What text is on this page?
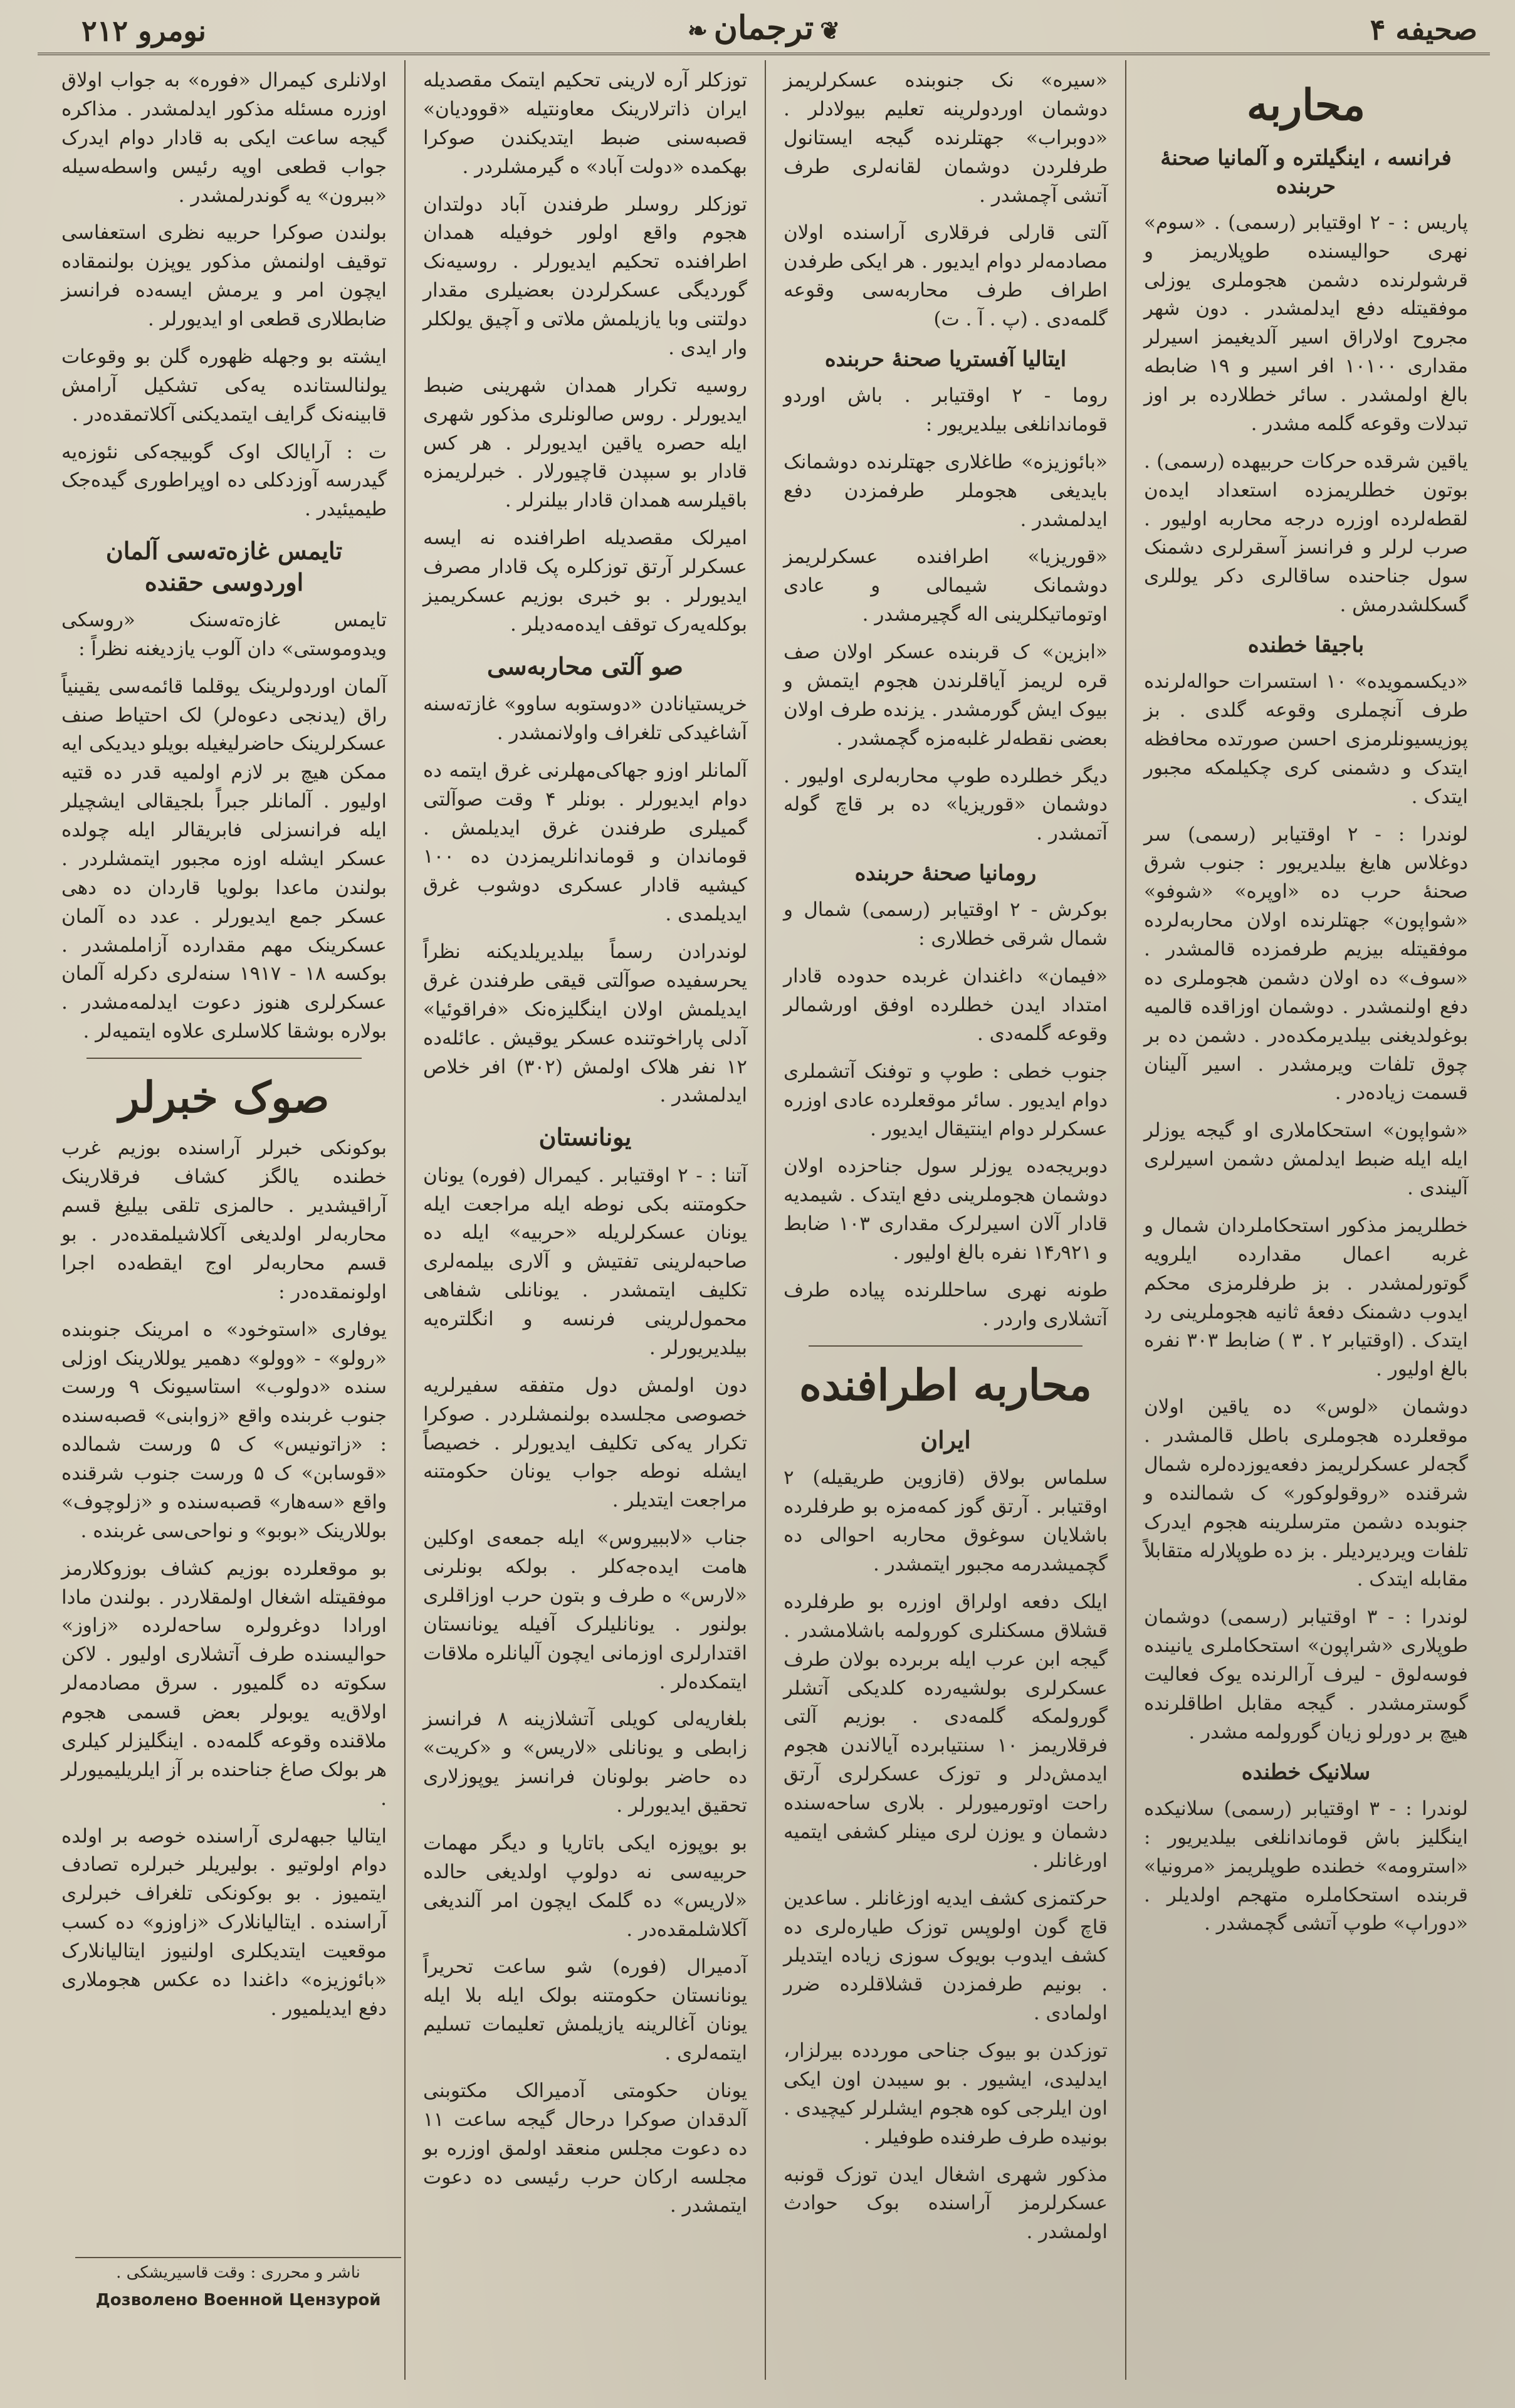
صحیفه ۴
❦ترجمان❧
نومرو ۲۱۲
محاربه
فرانسه ، اینگیلتره و آلمانیا صحنهٔ حربنده

پاریس : - ۲ اوقتیابر (رسمی) . «سوم» نهری حوالیسنده طوپلاریمز و قرشولرنده دشمن هجوملری یوزلی موفقیتله دفع ایدلمشدر . دون شهر مجروح اولاراق اسیر آلدیغیمز اسیرلر مقداری ۱۰۱۰۰ افر اسیر و ۱۹ ضابطه بالغ اولمشدر . سائر خطلارده بر اوز تبدلات وقوعه گلمه مشدر .

یاقین شرقده حرکات حربیهده (رسمی) . بوتون خطلریمزده استعداد ایده‌ن لقطه‌لرده اوزره درجه محاربه اولیور . صرب لرلر و فرانسز آسقرلری دشمنک سول جناحنده ساقالری دکر یوللری گسکلشدرمش .

باجیقا خطنده

«دیکسمویده» ۱۰ استسرات حواله‌لرنده طرف آنچملری وقوعه گلدی . بز پوزیسیونلرمزی احسن صورتده محافظه ایتدک و دشمنی کری چکیلمکه مجبور ایتدک .

لوندرا : - ۲ اوقتیابر (رسمی) سر دوغلاس هایغ بیلدیریور : جنوب شرق صحنهٔ حرب ده «اوپره» «شوفو» «شواپون» جهتلرنده اولان محاربه‌لرده موفقیتله بیزیم طرفمزده قالمشدر . «سوف» ده اولان دشمن هجوملری ده دفع اولنمشدر . دوشمان اوزاقده قالمیه بوغولدیغنی بیلدیرمکده‌در . دشمن ده بر چوق تلفات ویرمشدر . اسیر آلینان قسمت زیاده‌در .

«شواپون» استحکاملاری او گیجه یوزلر ایله ایله ضبط ایدلمش دشمن اسیرلری آلیندی .

خطلریمز مذکور استحکاملردان شمال و غربه اعمال مقدارده ایلرویه گوتورلمشدر . بز طرفلرمزی محکم ایدوب دشمنک دفعهٔ ثانیه هجوملرینی رد ایتدک . (اوقتیابر ۲ . ۳ ) ضابط ۳۰۳ نفره بالغ اولیور .

دوشمان «لوس» ده یاقین اولان موقعلرده هجوملری باطل قالمشدر . گجه‌لر عسکرلریمز دفعه‌یوزده‌لره شمال شرقنده «روقولوکور» ک شمالنده و جنوبده دشمن مترسلرینه هجوم ایدرک تلفات ویردیردیلر . بز ده طوپلارله متقابلاً مقابله ایتدک .

لوندرا : - ۳ اوقتیابر (رسمی) دوشمان طوپلاری «شراپون» استحکاملری یانینده فوسه‌لوق - لیرف آرالرنده یوک فعالیت گوسترمشدر . گیجه مقابل اطاقلرنده هیچ بر دورلو زیان گورولمه مشدر .

سلانیک خطنده

لوندرا : - ۳ اوقتیابر (رسمی) سلانیکده اینگلیز باش قوماندانلغی بیلدیریور : «استرومه» خطنده طوپلریمز «مرونیا» قربنده استحکاملره متهجم اولدیلر . «دوراپ» طوپ آتشی گچمشدر .

«سیره» نک جنوبنده عسکرلریمز دوشمان اوردولرینه تعلیم بیولادلر . «دوبراب» جهتلرنده گیجه ایستانول طرفلردن دوشمان لقانه‌لری طرف آتشی آچمشدر .

آلتی قارلی فرقلاری آراسنده اولان مصادمه‌لر دوام ایدیور . هر ایکی طرفدن اطراف طرف محاربه‌سی وقوعه گلمه‌دی . (پ . آ . ت)

ایتالیا آفستریا صحنهٔ حربنده

روما - ۲ اوقتیابر . باش اوردو قوماندانلغی بیلدیریور :

«بائوزیزه» طاغلاری جهتلرنده دوشمانک بایدیغی هجوملر طرفمزدن دفع ایدلمشدر .

«قوریزیا» اطرافنده عسکرلریمز دوشمانک شیمالی و عادی اوتوماتیکلرینی اله گچیرمشدر .

«ابزین» ک قربنده عسکر اولان صف قره لریمز آیاقلرندن هجوم ایتمش و بیوک ایش گورمشدر . یزنده طرف اولان بعضی نقطه‌لر غلبه‌مزه گچمشدر .

دیگر خطلرده طوپ محاربه‌لری اولیور . دوشمان «قوریزیا» ده بر قاچ گوله آتمشدر .

رومانیا صحنهٔ حربنده

بوکرش - ۲ اوقتیابر (رسمی) شمال و شمال شرقی خطلاری :

«فیمان» داغندان غربده حدوده قادار امتداد ایدن خطلرده اوفق اورشمالر وقوعه گلمه‌دی .

جنوب خطی : طوپ و توفنک آتشملری دوام ایدیور . سائر موقعلرده عادی اوزره عسکرلر دوام اینتیقال ایدیور .

دوبریجه‌ده یوزلر سول جناحزده اولان دوشمان هجوملرینی دفع ایتدک . شیمدیه قادار آلان اسیرلرک مقداری ۱۰۳ ضابط و ۱۴٫۹۲۱ نفره بالغ اولیور .

طونه نهری ساحللرنده پیاده طرف آتشلاری واردر .

محاربه اطرافنده
ایران

سلماس بولاق (قازوین طریقیله) ۲ اوقتیابر . آرتق گوز کمه‌مزه بو طرفلرده باشلایان سوغوق محاربه احوالی ده گچمیشدرمه مجبور ایتمشدر .

ایلک دفعه اولراق اوزره بو طرفلرده قشلاق مسکنلری کورولمه باشلامشدر . گیجه ابن عرب ایله بربرده بولان طرف عسکرلری بولشیه‌رده کلدیکی آتشلر گورولمکه گلمه‌دی . بوزیم آلتی فرقلاریمز ۱۰ سنتیابرده آیالاندن هجوم ایدمش‌دلر و توزک عسکرلری آرتق راحت اوتورمیورلر . بلاری ساحه‌سنده دشمان و یوزن لری مینلر کشفی ایتمیه اورغانلر .

حرکتمزی کشف ایدیه اوزغانلر . ساعدین قاچ گون اولوپس توزک طیاره‌لری ده کشف ایدوب بویوک سوزی زیاده ایتدیلر . بونیم طرفمزدن قشلاقلرده ضرر اولمادی .

توزکدن بو بیوک جناحی موردده بیرلزار، ایدلیدی، ایشیور . بو سیبدن اون ایکی اون ایلرجی کوه هجوم ایشلرلر کیچیدی . بونیده طرف طرفنده طوفیلر .

مذکور شهری اشغال ایدن توزک قونبه عسکرلرمز آراسنده بوک حوادث اولمشدر .

توزکلر آره لارینی تحکیم ایتمک مقصدیله ایران ذاترلارینک معاونتیله «قوودیان» قصبه‌سنی ضبط ایتدیکندن صوکرا بهکمده «دولت آباد» ه گیرمشلردر .

توزکلر روسلر طرفندن آباد دولتدان هجوم واقع اولور خوفیله همدان اطرافنده تحکیم ایدیورلر . روسیه‌نک گوردیگی عسکرلردن بعضیلری مقدار دولتنی وبا یازیلمش ملاتی و آچیق یولکلر وار ایدی .

روسیه تکرار همدان شهرینی ضبط ایدیورلر . روس صالونلری مذکور شهری ایله حصره یاقین ایدیورلر . هر کس قادار بو سبپدن قاچیورلار . خبرلریمزه باقیلرسه همدان قادار بیلنرلر .

امیرلک مقصدیله اطرافنده نه ایسه عسکرلر آرتق توزکلره پک قادار مصرف ایدیورلر . بو خبری بوزیم عسکریمیز بوکله‌یه‌رک توقف ایده‌مه‌دیلر .

صو آلتی محاربه‌سی

خریستیانادن «دوستوبه ساوو» غازته‌سنه آشاغیدکی تلغراف واولانمشدر .

آلمانلر اوزو جهاکی‌مهلرنی غرق ایتمه ده دوام ایدیورلر . بونلر ۴ وقت صوآلتی گمیلری طرفندن غرق ایدیلمش . قوماندان و قوماندانلریمزدن ده ۱۰۰ کیشیه قادار عسکری دوشوب غرق ایدیلمدی .

لوندرادن رسماً بیلدیریلدیکنه نظراً یحرسفیده صوآلتی قیقی طرفندن غرق ایدیلمش اولان اینگلیزه‌نک «فراقوئیا» آدلی پاراخوتنده عسکر یوقیش . عائله‌ده ۱۲ نفر هلاک اولمش (۳۰۲) افر خلاص ایدلمشدر .

یونانستان

آتنا : - ۲ اوقتیابر . کیمرال (فوره) یونان حکومتنه بکی نوطه ایله مراجعت ایله یونان عسکرلریله «حربیه» ایله ده صاحبه‌لرینی تفتیش و آلاری بیلمه‌لری تکلیف ایتمشدر . یونانلی شفاهی محمول‌لرینی فرنسه و انگلتره‌یه بیلدیریورلر .

دون اولمش دول متفقه سفیرلریه خصوصی مجلسده بولنمشلردر . صوکرا تکرار یه‌کی تکلیف ایدیورلر . خصیصاً ایشله نوطه جواب یونان حکومتنه مراجعت ایتدیلر .

جناب «لاببیروس» ایله جمعه‌ی اوکلین هامت ایده‌جه‌کلر . بولکه بونلرنی «لارس» ه طرف و بتون حرب اوزاقلری بولنور . یونانلیلرک آفیله یونانستان اقتدارلری اوزمانی ایچون آلیانلره ملاقات ایتمکده‌لر .

بلغاریه‌لی کویلی آتشلازینه ۸ فرانسز زابطی و یونانلی «لاریس» و «کریت» ده حاضر بولونان فرانسز یوپوزلاری تحقیق ایدیورلر .

بو بوپوزه ایکی باتاریا و دیگر مهمات حربیه‌سی نه دولوپ اولدیغی حالده «لاریس» ده گلمک ایچون امر آلندیغی آکلاشلمقده‌در .

آدمیرال (فوره) شو ساعت تحریراً یونانستان حکومتنه بولک ایله بلا ایله یونان آغالرینه یازیلمش تعلیمات تسلیم ایتمه‌لری .

یونان حکومتی آدمیرالک مکتوبنی آلدقدان صوکرا درحال گیجه ساعت ۱۱ ده دعوت مجلس منعقد اولمق اوزره بو مجلسه ارکان حرب رئیسی ده دعوت ایتمشدر .

اولانلری کیمرال «فوره» به جواب اولاق اوزره مسئله مذکور اید‌لمشدر . مذاکره گیجه ساعت ایکی به قادار دوام ایدرک جواب قطعی اوپه رئیس واسطه‌سیله «ببرون» یه گوندرلمشدر .

بولندن صوکرا حربیه نظری استعفاسی توقیف اولنمش مذکور یوپزن بولنمقاده ایچون امر و یرمش ایسه‌ده فرانسز ضابطلاری قطعی او ایدیورلر .

ایشته بو وجهله ظهوره گلن بو وقوعات یولنالستانده یه‌کی تشکیل آرامش قابینه‌نک گرایف ایتمدیکنی آکلاتمقده‌در .

ت : آرایالک اوک گوبیجه‌کی نئوزه‌یه گیدرسه آوزدکلی ده اوپراطوری گیده‌جک طیمیئیدر .

تایمس غازه‌ته‌سی آلمان اوردوسی حقنده

تایمس غازه‌ته‌سنک «روسکی ویدوموستی» دان آلوب یازدیغنه نظراً :

آلمان اوردولرینک یوقلما قائمه‌سی یقینیاً راق (یدنجی دعوه‌لر) لک احتیاط صنف عسکرلرینک حاضرلیغیله بویلو دیدیکی ایه ممکن هیچ بر لازم اولمیه قدر ده قتیه اولیور . آلمانلر جبراً بلجیقالی ایشچیلر ایله فرانسزلی فابریقالر ایله چولده عسکر ایشله اوزه مجبور ایتمشلردر . بولندن ماعدا بولویا قاردان ده دهی عسکر جمع ایدیورلر . عدد ده آلمان عسکرینک مهم مقدارده آزاملمشدر . بوکسه ۱۸ - ۱۹۱۷ سنه‌لری دکرله آلمان عسکرلری هنوز دعوت ایدلمه‌مشدر . بولاره بوشقا کلاسلری علاوه ایتمیه‌لر .

صوک خبرلر

بوکونکی خبرلر آراسنده بوزیم غرب خطنده یالگز کشاف فرقلارینک آراقیشدیر . حالمزی تلقی بیلیغ قسم محاربه‌لر اولدیغی آکلاشیلمقده‌در . بو قسم محاربه‌لر اوج ایقطه‌ده اجرا اولونمقده‌در :

یوفاری «استوخود» ه امرینک جنوبنده «رولو» - «وولو» دهمیر یوللارینک اوزلی سنده «دولوب» استاسیونک ۹ ورست جنوب غربنده واقع «زوابنی» قصبه‌سنده : «زاتونیس» ک ۵ ورست شمالده «قوسابن» ک ۵ ورست جنوب شرقنده واقع «سه‌هار» قصبه‌سنده و «زلوچوف» بوللارینک «بوبو» و نواحی‌سی غربنده .

بو موقعلرده بوزیم کشاف بوزوکلارمز موفقیتله اشغال اولمقلاردر . بولندن مادا اورادا دوغرولره ساحه‌لرده «زاوز» حوالیسنده طرف آتشلاری اولیور . لاکن سکوته ده گلمیور . سرق مصادمه‌لر اولاق‌یه یوبولر بعض قسمی هجوم ملاقنده وقوعه گلمه‌ده . اینگلیزلر کیلری هر بولک صاغ جناحنده بر آز ایلریلیمیورلر .

ایتالیا جبهه‌لری آراسنده خوصه بر اولده دوام اولوتیو . بولیریلر خبرلره تصادف ایتمیوز . بو بوکونکی تلغراف خبرلری آراسنده . ایتالیانلارک «زاوزو» ده کسب موقعیت ایتدیکلری اولنیوز ایتالیانلارک «بائوزیزه» داغندا ده عکس هجوملاری دفع ایدیلمیور .

ناشر و محرری : وقت قاسیریشکی .
Дозволено Военной Цензурой
